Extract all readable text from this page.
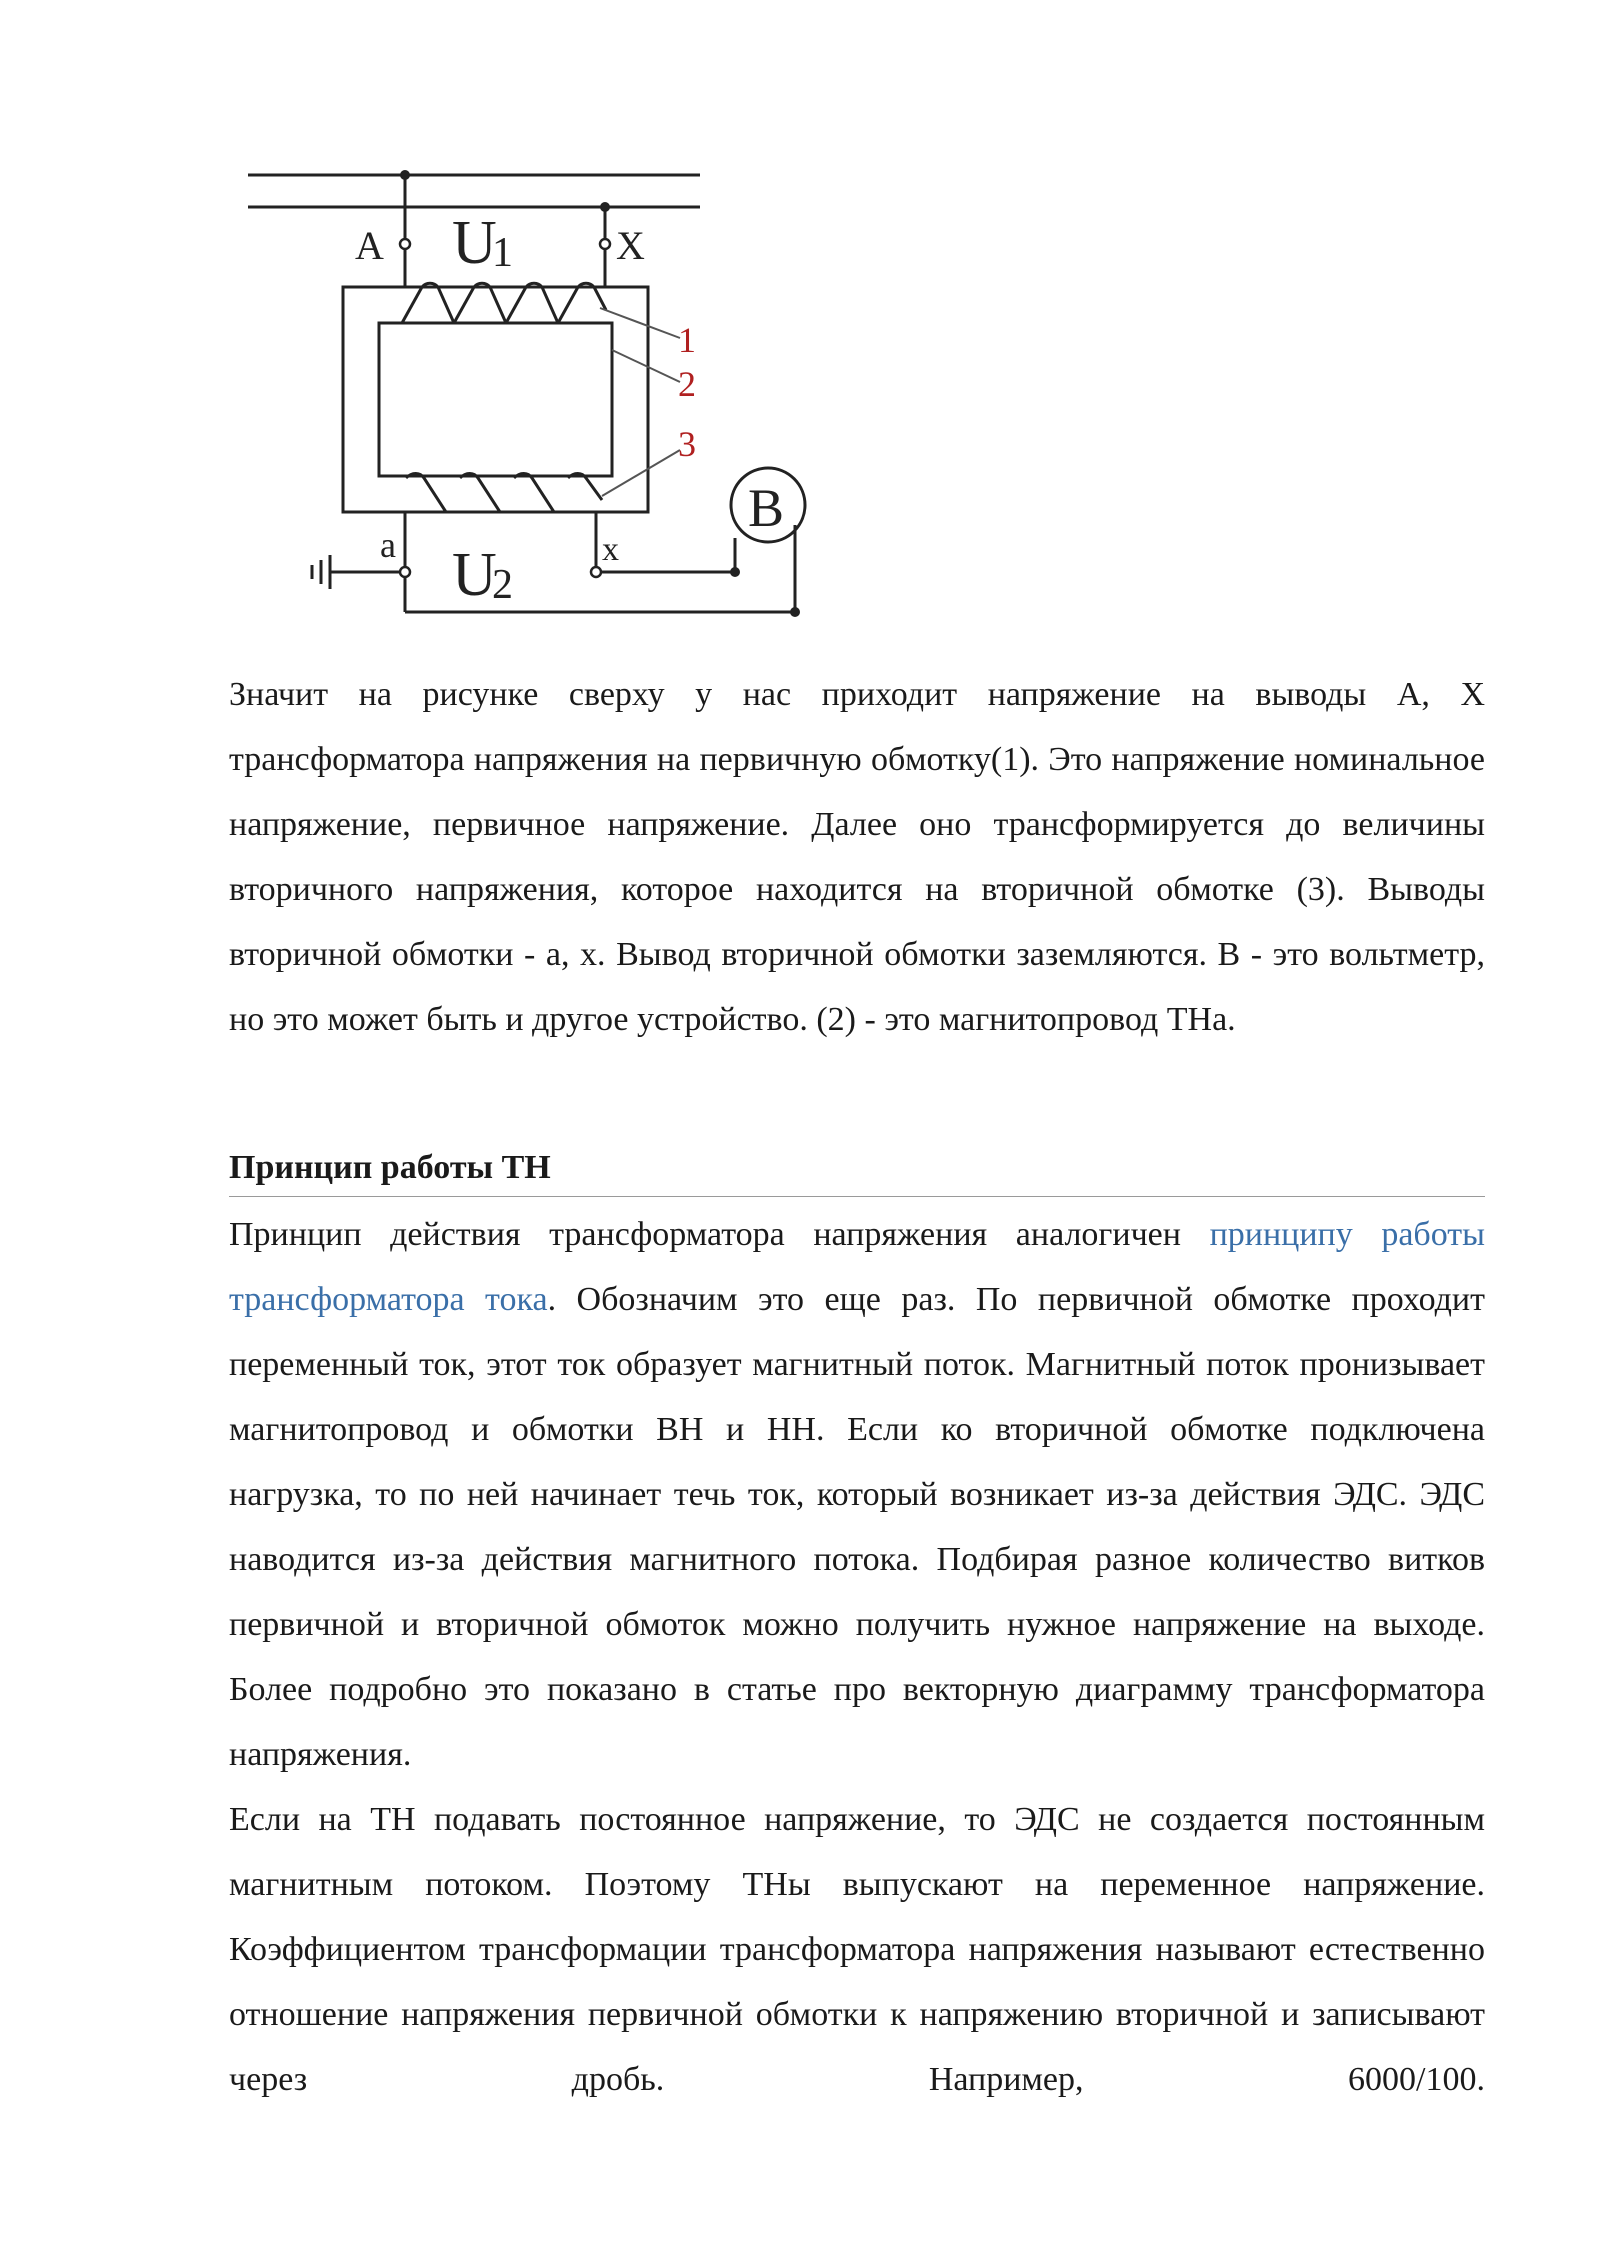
A	X
U
1
a	x
U
2
1
2
3
В

Значит на рисунке сверху у нас приходит напряжение на выводы А, Х трансформатора напряжения на первичную обмотку(1). Это напряжение номинальное напряжение, первичное напряжение. Далее оно трансформируется до величины вторичного напряжения, которое находится на вторичной обмотке (3). Выводы вторичной обмотки - а, х. Вывод вторичной обмотки заземляются. В - это вольтметр, но это может быть и другое устройство. (2) - это магнитопровод ТНа.

Принцип работы ТН

Принцип действия трансформатора напряжения аналогичен принципу работы трансформатора тока. Обозначим это еще раз. По первичной обмотке проходит переменный ток, этот ток образует магнитный поток. Магнитный поток пронизывает магнитопровод и обмотки ВН и НН. Если ко вторичной обмотке подключена нагрузка, то по ней начинает течь ток, который возникает из-за действия ЭДС. ЭДС наводится из-за действия магнитного потока. Подбирая разное количество витков первичной и вторичной обмоток можно получить нужное напряжение на выходе. Более подробно это показано в статье про векторную диаграмму трансформатора напряжения.

Если на ТН подавать постоянное напряжение, то ЭДС не создается постоянным магнитным потоком. Поэтому ТНы выпускают на переменное напряжение. Коэффициентом трансформации трансформатора напряжения называют естественно отношение напряжения первичной обмотки к напряжению вторичной и записывают через дробь. Например, 6000/100.
